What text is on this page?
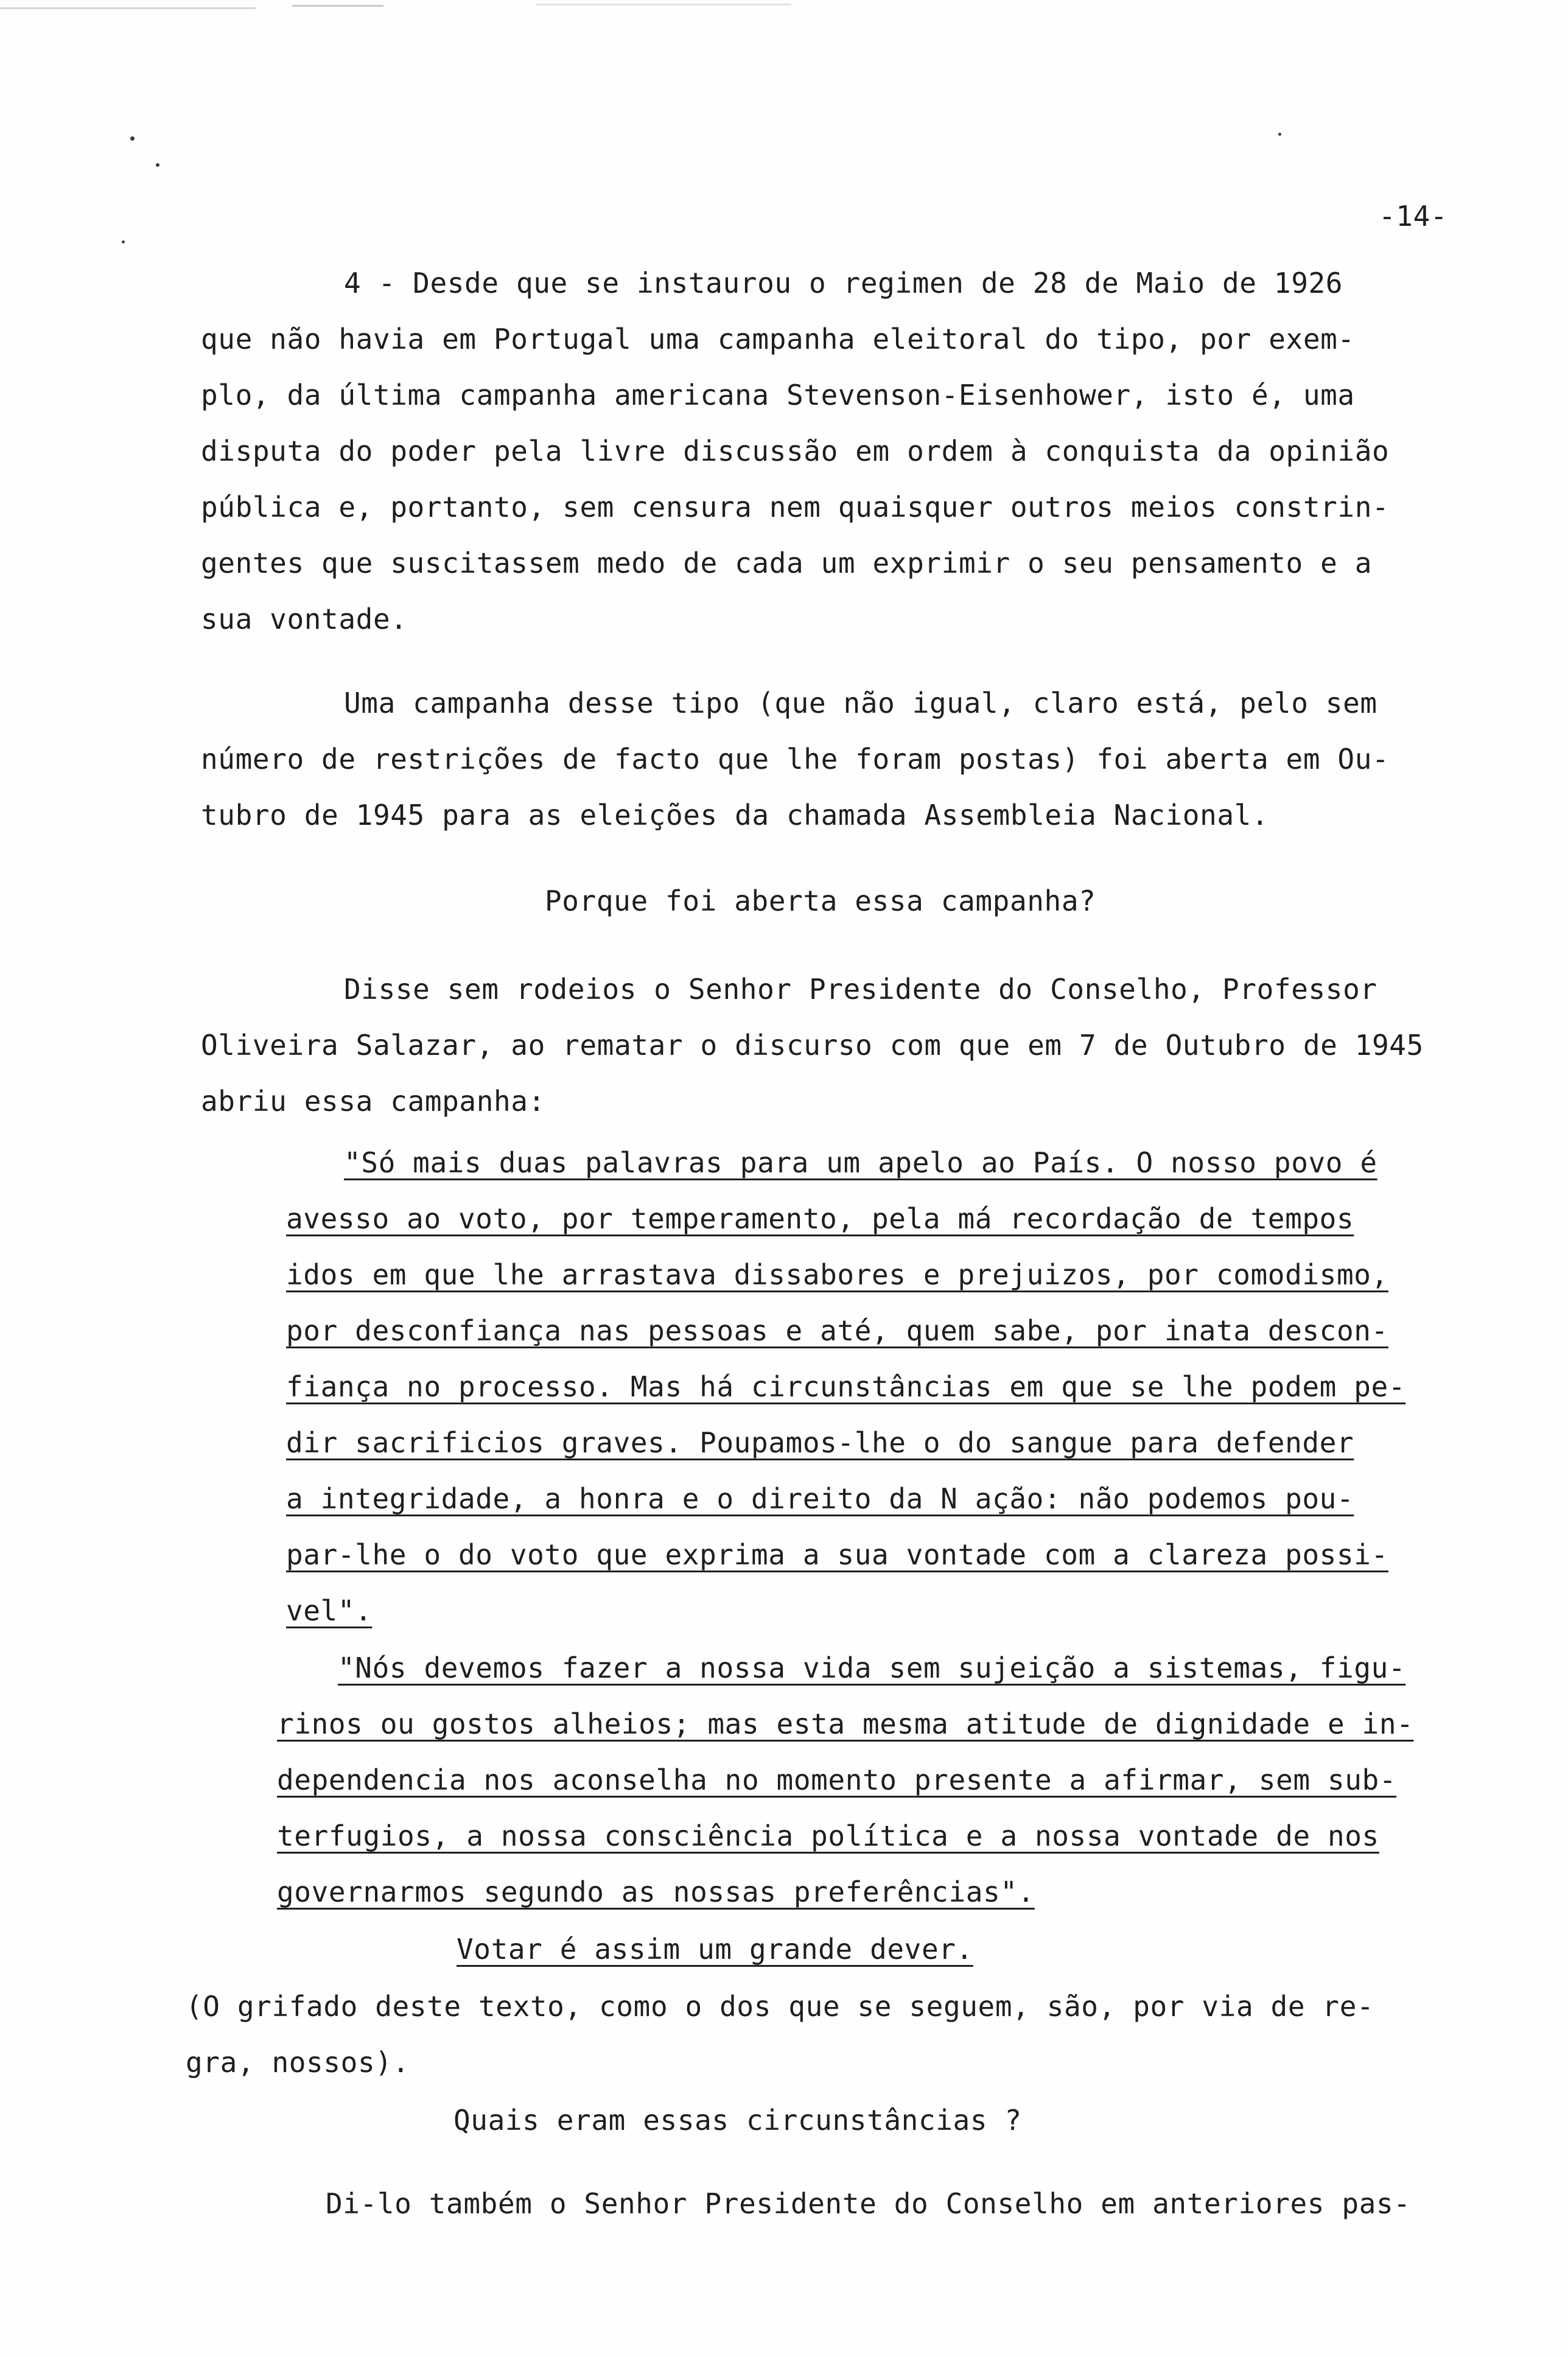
-14-
4 - Desde que se instaurou o regimen de 28 de Maio de 1926
que não havia em Portugal uma campanha eleitoral do tipo, por exem-
plo, da última campanha americana Stevenson-Eisenhower, isto é, uma
disputa do poder pela livre discussão em ordem à conquista da opinião
pública e, portanto, sem censura nem quaisquer outros meios constrin-
gentes que suscitassem medo de cada um exprimir o seu pensamento e a
sua vontade.
Uma campanha desse tipo (que não igual, claro está, pelo sem
número de restrições de facto que lhe foram postas) foi aberta em Ou-
tubro de 1945 para as eleições da chamada Assembleia Nacional.
Porque foi aberta essa campanha?
Disse sem rodeios o Senhor Presidente do Conselho, Professor
Oliveira Salazar, ao rematar o discurso com que em 7 de Outubro de 1945
abriu essa campanha:
"Só mais duas palavras para um apelo ao País. O nosso povo é
avesso ao voto, por temperamento, pela má recordação de tempos
idos em que lhe arrastava dissabores e prejuizos, por comodismo,
por desconfiança nas pessoas e até, quem sabe, por inata descon-
fiança no processo. Mas há circunstâncias em que se lhe podem pe-
dir sacrificios graves. Poupamos-lhe o do sangue para defender
a integridade, a honra e o direito da N ação: não podemos pou-
par-lhe o do voto que exprima a sua vontade com a clareza possi-
vel".
"Nós devemos fazer a nossa vida sem sujeição a sistemas, figu-
rinos ou gostos alheios; mas esta mesma atitude de dignidade e in-
dependencia nos aconselha no momento presente a afirmar, sem sub-
terfugios, a nossa consciência política e a nossa vontade de nos
governarmos segundo as nossas preferências".
Votar é assim um grande dever.
(O grifado deste texto, como o dos que se seguem, são, por via de re-
gra, nossos).
Quais eram essas circunstâncias ?
Di-lo também o Senhor Presidente do Conselho em anteriores pas-
